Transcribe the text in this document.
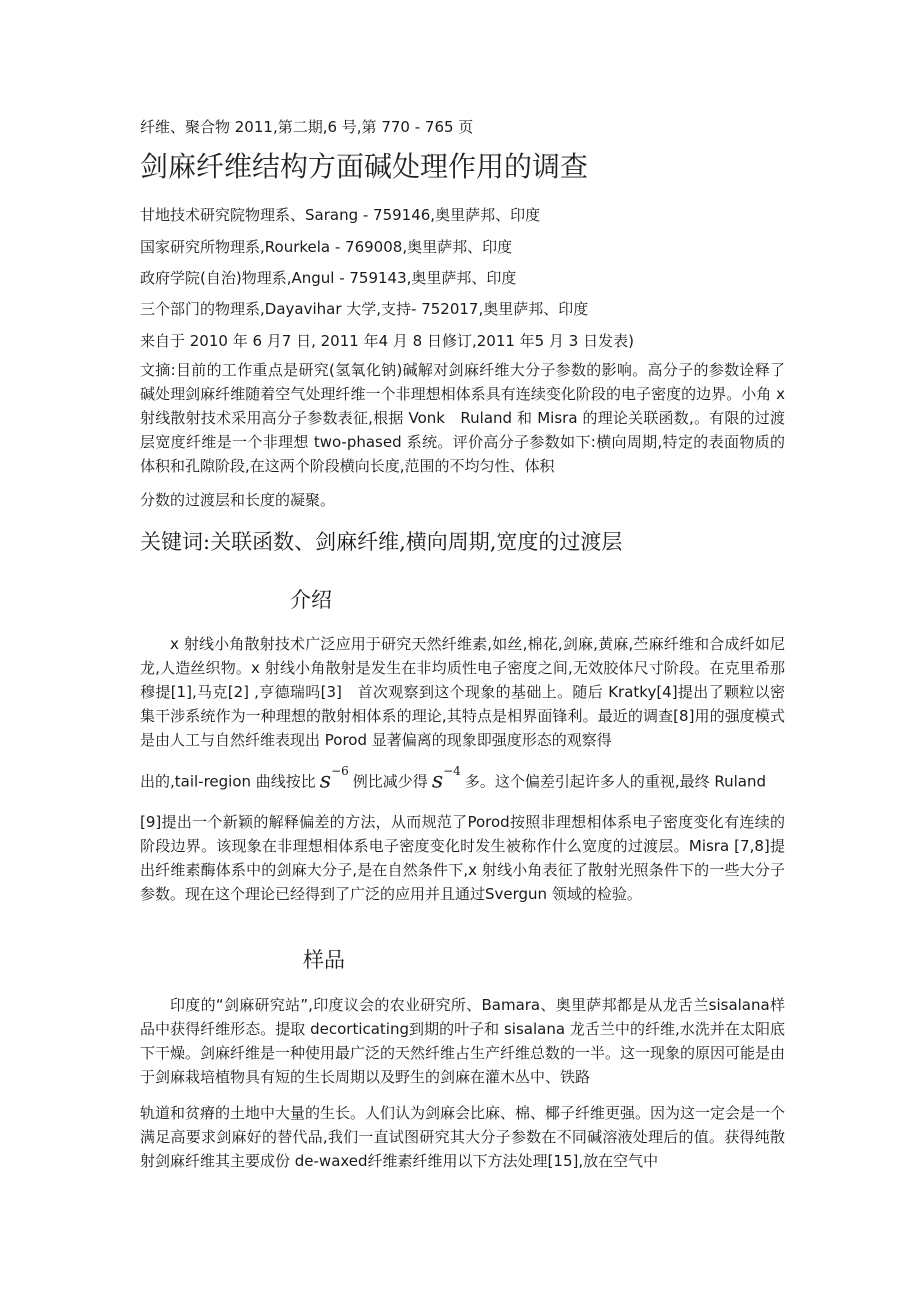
纤维、聚合物 2011,第二期,6 号,第 770 - 765 页
剑麻纤维结构方面碱处理作用的调查
甘地技术研究院物理系、Sarang - 759146,奥里萨邦、印度
国家研究所物理系,Rourkela - 769008,奥里萨邦、印度
政府学院(自治)物理系,Angul - 759143,奥里萨邦、印度
三个部门的物理系,Dayavihar 大学,支持- 752017,奥里萨邦、印度
来自于 2010 年 6 月7 日, 2011 年4 月 8 日修订,2011 年5 月 3 日发表)
文摘:目前的工作重点是研究(氢氧化钠)碱解对剑麻纤维大分子参数的影响。高分子的参数诠释了碱处理剑麻纤维随着空气处理纤维一个非理想相体系具有连续变化阶段的电子密度的边界。小角 x 射线散射技术采用高分子参数表征,根据 Vonk　Ruland 和 Misra 的理论关联函数,。有限的过渡层宽度纤维是一个非理想 two-phased 系统。评价高分子参数如下:横向周期,特定的表面物质的体积和孔隙阶段,在这两个阶段横向长度,范围的不均匀性、体积
分数的过渡层和长度的凝聚。
关键词:关联函数、剑麻纤维,横向周期,宽度的过渡层
介绍
x 射线小角散射技术广泛应用于研究天然纤维素,如丝,棉花,剑麻,黄麻,苎麻纤维和合成纤如尼龙,人造丝织物。x 射线小角散射是发生在非均质性电子密度之间,无效胶体尺寸阶段。在克里希那穆提[1],马克[2] ,亨德瑞吗[3]　首次观察到这个现象的基础上。随后 Kratky[4]提出了颗粒以密集干涉系统作为一种理想的散射相体系的理论,其特点是相界面锋利。最近的调查[8]用的强度模式是由人工与自然纤维表现出 Porod 显著偏离的现象即强度形态的观察得
出的,tail-region 曲线按比 $s^{-6}$例比减少得 $s^{-4}$多。这个偏差引起许多人的重视,最终 Ruland
[9]提出一个新颖的解释偏差的方法，从而规范了Porod按照非理想相体系电子密度变化有连续的阶段边界。该现象在非理想相体系电子密度变化时发生被称作什么宽度的过渡层。Misra [7,8]提出纤维素酶体系中的剑麻大分子,是在自然条件下,x 射线小角表征了散射光照条件下的一些大分子参数。现在这个理论已经得到了广泛的应用并且通过Svergun 领域的检验。
样品
印度的“剑麻研究站”,印度议会的农业研究所、Bamara、奥里萨邦都是从龙舌兰sisalana样品中获得纤维形态。提取 decorticating到期的叶子和 sisalana 龙舌兰中的纤维,水洗并在太阳底下干燥。剑麻纤维是一种使用最广泛的天然纤维占生产纤维总数的一半。这一现象的原因可能是由于剑麻栽培植物具有短的生长周期以及野生的剑麻在灌木丛中、铁路
轨道和贫瘠的土地中大量的生长。人们认为剑麻会比麻、棉、椰子纤维更强。因为这一定会是一个满足高要求剑麻好的替代品,我们一直试图研究其大分子参数在不同碱溶液处理后的值。获得纯散射剑麻纤维其主要成份 de-waxed纤维素纤维用以下方法处理[15],放在空气中
